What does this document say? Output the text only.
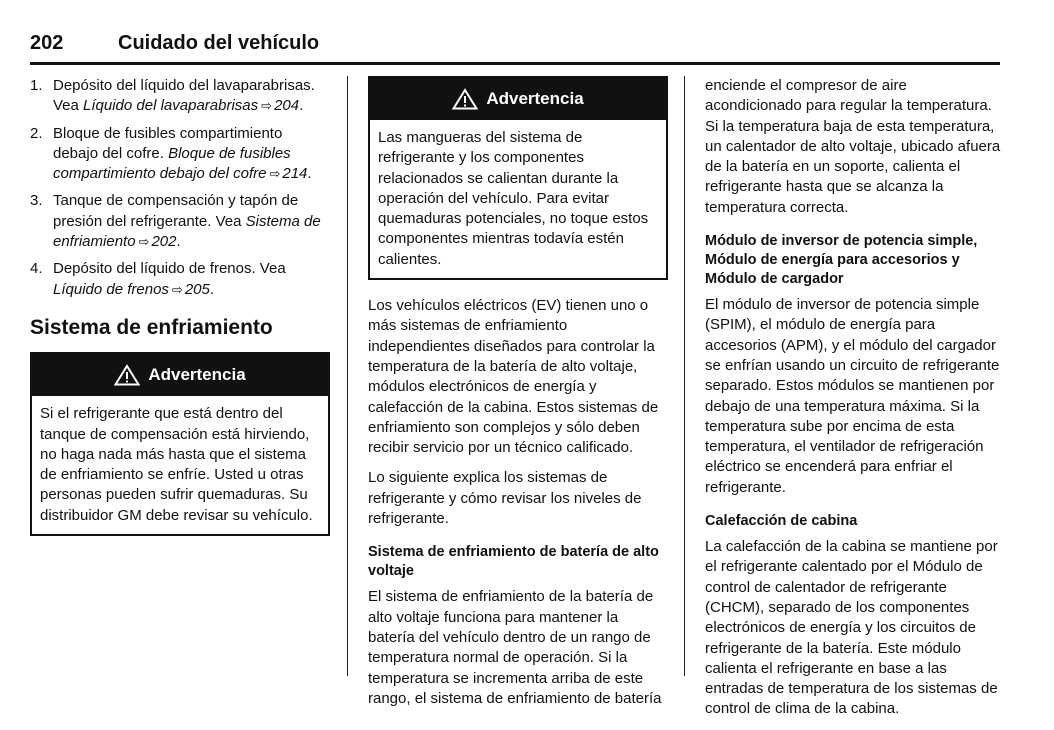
202	Cuidado del vehículo
1. Depósito del líquido del lavaparabrisas. Vea Líquido del lavaparabrisas ⇨ 204.
2. Bloque de fusibles compartimiento debajo del cofre. Bloque de fusibles compartimiento debajo del cofre ⇨ 214.
3. Tanque de compensación y tapón de presión del refrigerante. Vea Sistema de enfriamiento ⇨ 202.
4. Depósito del líquido de frenos. Vea Líquido de frenos ⇨ 205.
Sistema de enfriamiento
Advertencia
Si el refrigerante que está dentro del tanque de compensación está hirviendo, no haga nada más hasta que el sistema de enfriamiento se enfríe. Usted u otras personas pueden sufrir quemaduras. Su distribuidor GM debe revisar su vehículo.
Advertencia
Las mangueras del sistema de refrigerante y los componentes relacionados se calientan durante la operación del vehículo. Para evitar quemaduras potenciales, no toque estos componentes mientras todavía estén calientes.

Los vehículos eléctricos (EV) tienen uno o más sistemas de enfriamiento independientes diseñados para controlar la temperatura de la batería de alto voltaje, módulos electrónicos de energía y calefacción de la cabina. Estos sistemas de enfriamiento son complejos y sólo deben recibir servicio por un técnico calificado.

Lo siguiente explica los sistemas de refrigerante y cómo revisar los niveles de refrigerante.

Sistema de enfriamiento de batería de alto voltaje

El sistema de enfriamiento de la batería de alto voltaje funciona para mantener la batería del vehículo dentro de un rango de temperatura normal de operación. Si la temperatura se incrementa arriba de este rango, el sistema de enfriamiento de batería

enciende el compresor de aire acondicionado para regular la temperatura. Si la temperatura baja de esta temperatura, un calentador de alto voltaje, ubicado afuera de la batería en un soporte, calienta el refrigerante hasta que se alcanza la temperatura correcta.

Módulo de inversor de potencia simple, Módulo de energía para accesorios y Módulo de cargador

El módulo de inversor de potencia simple (SPIM), el módulo de energía para accesorios (APM), y el módulo del cargador se enfrían usando un circuito de refrigerante separado. Estos módulos se mantienen por debajo de una temperatura máxima. Si la temperatura sube por encima de esta temperatura, el ventilador de refrigeración eléctrico se encenderá para enfriar el refrigerante.

Calefacción de cabina

La calefacción de la cabina se mantiene por el refrigerante calentado por el Módulo de control de calentador de refrigerante (CHCM), separado de los componentes electrónicos de energía y los circuitos de refrigerante de la batería. Este módulo calienta el refrigerante en base a las entradas de temperatura de los sistemas de control de clima de la cabina.
